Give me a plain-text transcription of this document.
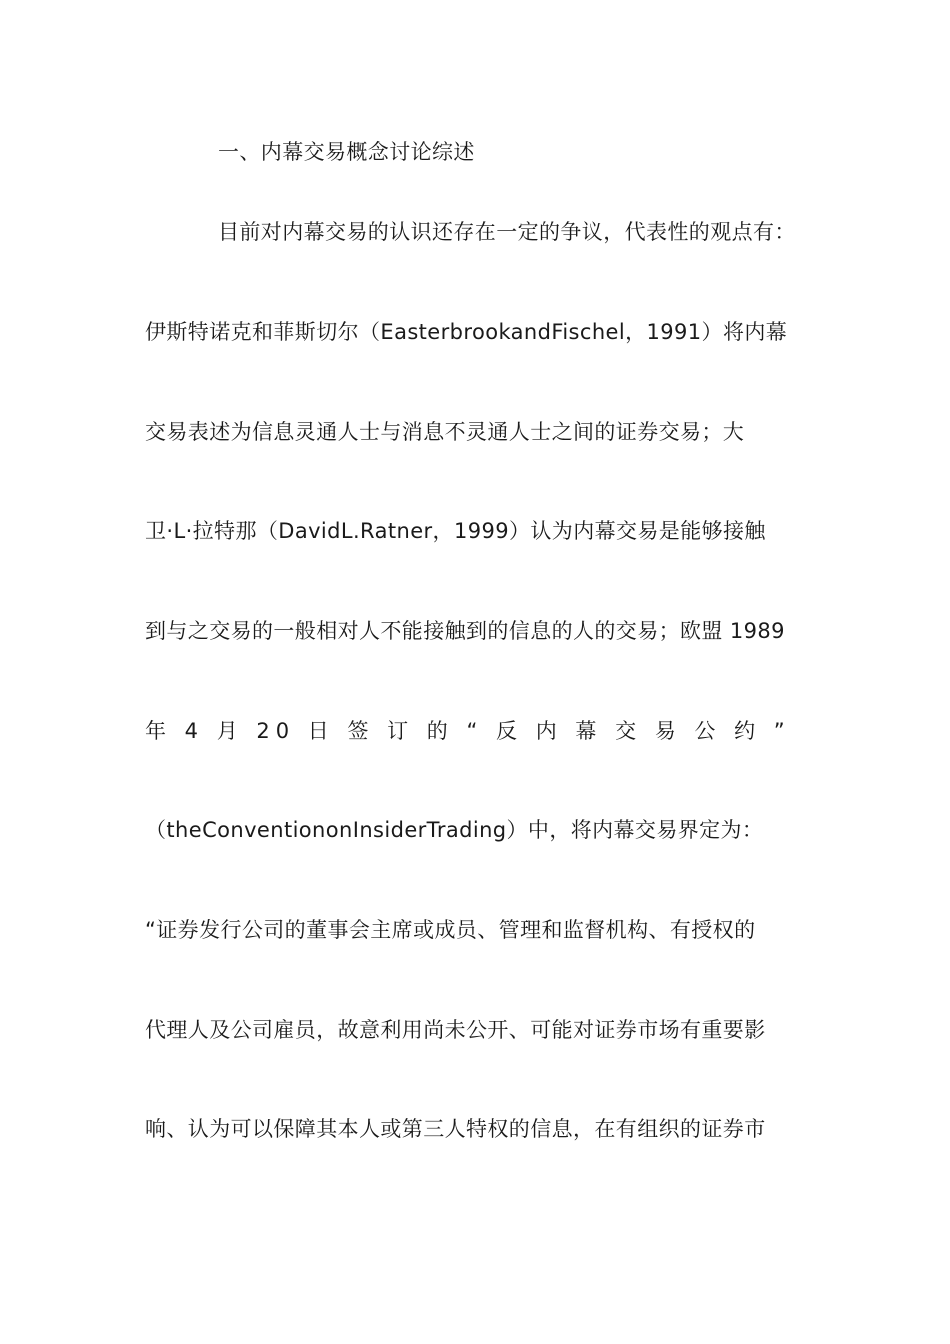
一、内幕交易概念讨论综述
目前对内幕交易的认识还存在一定的争议，代表性的观点有：
伊斯特诺克和菲斯切尔（EasterbrookandFischel，1991）将内幕
交易表述为信息灵通人士与消息不灵通人士之间的证券交易；大
卫·L·拉特那（DavidL.Ratner，1999）认为内幕交易是能够接触
到与之交易的一般相对人不能接触到的信息的人的交易；欧盟 1989
年 4 月 20 日 签 订 的 “ 反 内 幕 交 易 公 约 ”
（theConventiononInsiderTrading）中，将内幕交易界定为：
“证券发行公司的董事会主席或成员、管理和监督机构、有授权的
代理人及公司雇员，故意利用尚未公开、可能对证券市场有重要影
响、认为可以保障其本人或第三人特权的信息，在有组织的证券市
